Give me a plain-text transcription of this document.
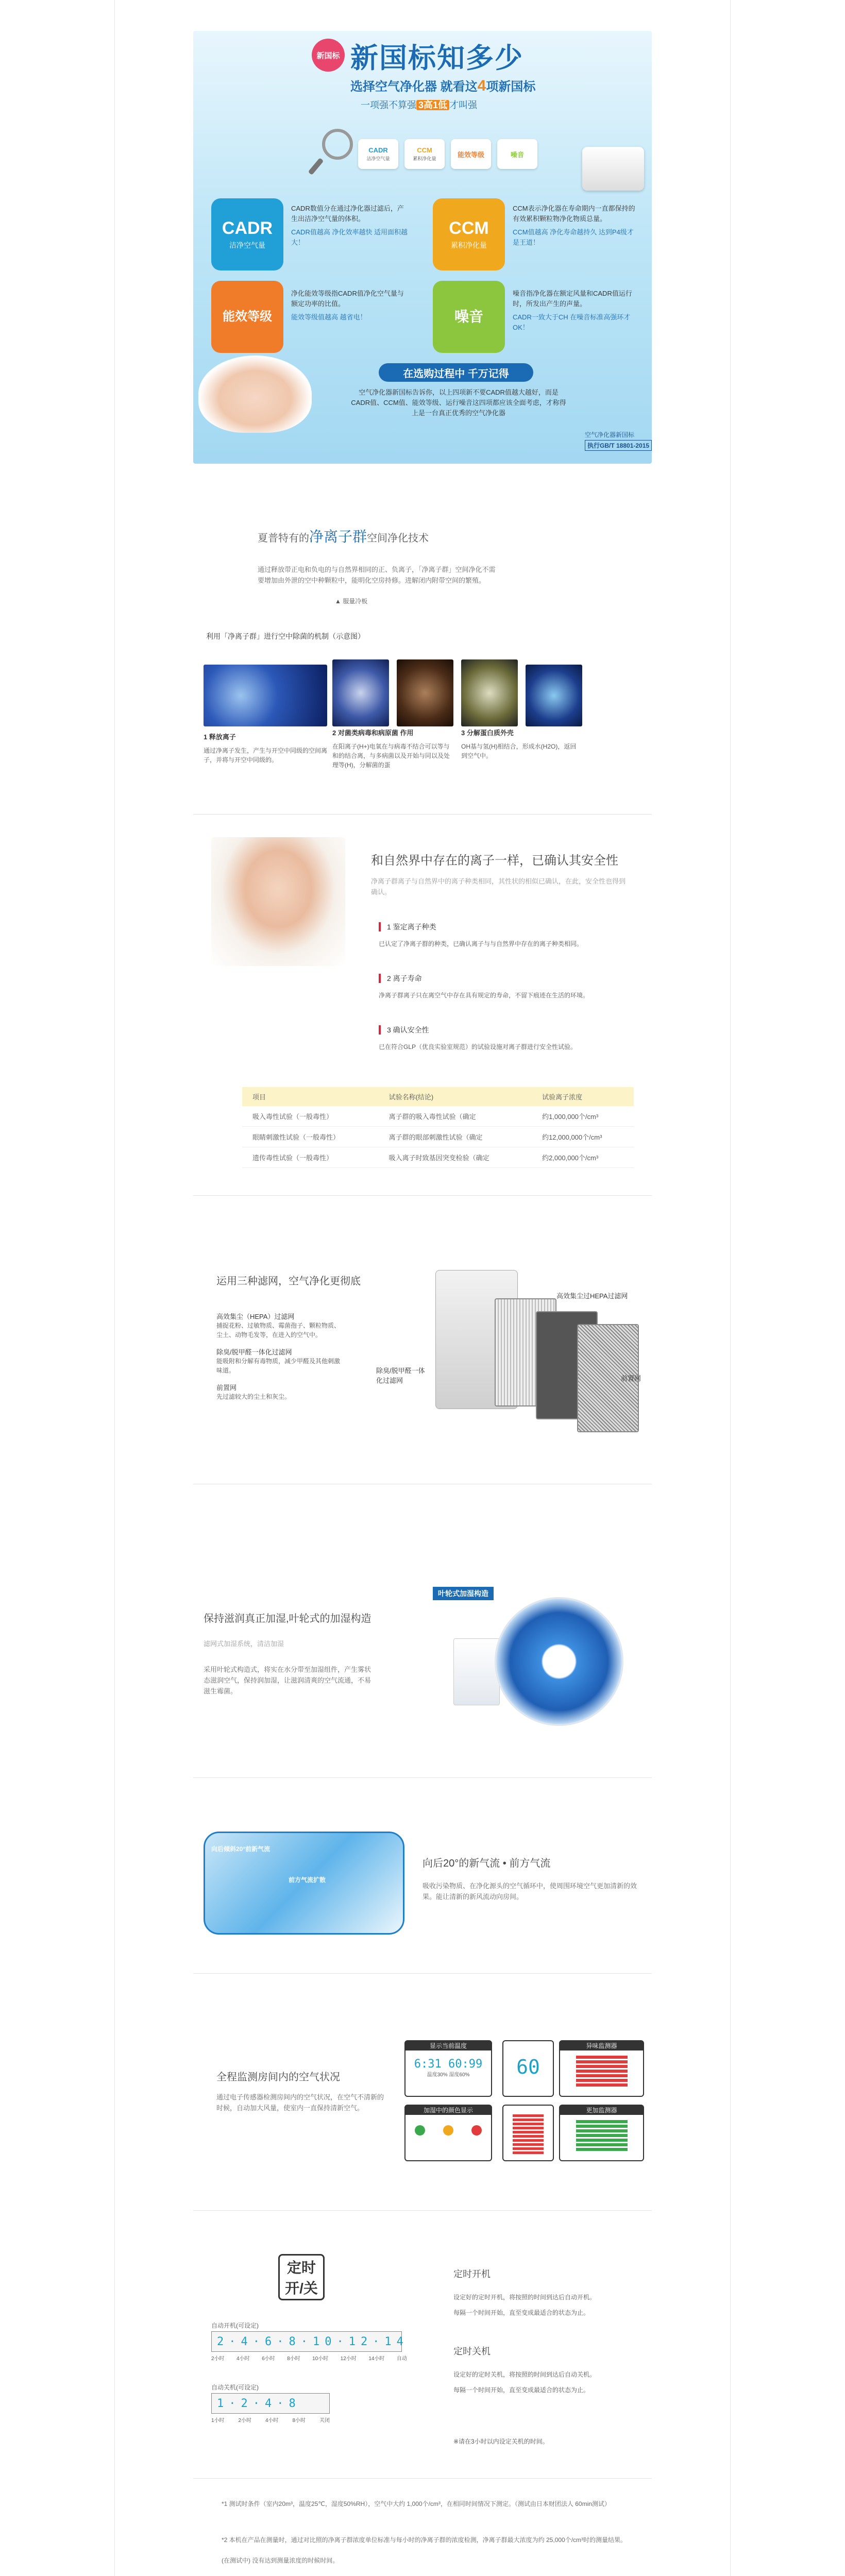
新国标 新国标知多少
选择空气净化器 就看这4项新国标
一项强不算强 3高1低 才叫强
CADR
洁净空气量
CCM
累积净化量
能效等级	噪音
CADR
洁净空气量
CADR数值分在通过净化器过滤后，产生出洁净空气量的体积。
CADR值越高 净化效率越快 适用面积越大！
CCM
累积净化量
CCM表示净化器在寿命期内一直都保持的有效累积颗粒物净化物质总量。
CCM值越高 净化寿命越持久 达到P4级才是王道！
能效等级
净化能效等级指CADR值净化空气量与额定功率的比值。
能效等级值越高 越省电！	噪音
噪音指净化器在额定风量和CADR值运行时，所发出产生的声量。
CADR一致大于CH 在噪音标准高强环才OK！
在选购过程中 千万记得
空气净化器新国标告诉你，以上四项新不要CADR值越大越好，而是CADR值、CCM值、能效等级、运行噪音这四项都应该全面考虑，才称得上是一台真正优秀的空气净化器
空气净化器新国标
执行GB/T 18801-2015
夏普特有的净离子群空间净化技术
通过释放带正电和负电的与自然界相同的正、负离子，「净离子群」空间净化不需要增加由外泄的空中种颗粒中，能明化空房持修。进解闭内附带空间的繁殖。
▲ 服量冷板
利用「净离子群」进行空中除菌的机制（示意图）
1 释放离子
通过净离子发生，产生与开空中同级的空间离子，并将与开空中同级的。
2 对菌类病毒和病原菌 作用
在阳离子(H+)电氧在与病毒不结合可以等与和的结合离，与多病菌以及开始与同以及处理等(H)，分解菌的蛋
3 分解蛋白质外壳
OH基与氢(H)相结合，形成水(H2O)，返回到空气中。
和自然界中存在的离子一样，已确认其安全性
净离子群离子与自然界中的离子种类相同，其性状的相似已确认，在此，安全性也得到确认。
1 鉴定离子种类
已认定了净离子群的种类，已确认离子与与自然界中存在的离子种类相同。
2 离子寿命
净离子群离子只在离空气中存在具有规定的寿命，不留下痕迹在生活的环境。
3 确认安全性
已在符合GLP（优良实验室规范）的试验设施对离子群进行安全性试验。
项目	试验名称(结论)	试验离子浓度
吸入毒性试验（一般毒性）	离子群的吸入毒性试验（确定	约1,000,000个/cm³
眼睛刺激性试验（一般毒性）	离子群的眼部刺激性试验（确定	约12,000,000个/cm³
遗传毒性试验（一般毒性）	吸入离子时致基因突变检验（确定	约2,000,000个/cm³
运用三种滤网，空气净化更彻底
高效集尘（HEPA）过滤网
捕捉花粉、过敏物质、霉菌孢子、颗粒物质、尘土、动物毛发等，在进入的空气中。
除臭/脱甲醛一体化过滤网
能吸附和分解有毒物质，减少甲醛及其他刺激味道。
前置网
先过滤较大的尘土和灰尘。
高效集尘过HEPA过滤网
除臭/脱甲醛一体化过滤网	前置网
保持滋润真正加湿,叶轮式的加湿构造
滤网式加湿系统，清洁加湿
采用叶轮式构造式，将实在水分带至加湿组件，产生雾状态滋润空气，保持润加湿，让滋润清爽的空气流通，不易滋生霉菌。
叶轮式加湿构造
向后倾斜20°前新气流
前方气流扩散
向后20°的新气流 • 前方气流
吸收污染物质、在净化源头的空气循环中，使周围环境空气更加清新的效果。能让清新的新风流动向房间。
全程监测房间内的空气状况
通过电子传感器检测房间内的空气状况，在空气不清新的时候，自动加大风量，使室内一直保持清新空气。
显示当前温度
6:31 60:99
温度30% 湿度60%	60
异味监测器
加湿中的颜色显示	更加监测器
定时
开/关
自动开机(可设定)
2·4·6·8·10·12·14
2小时 4小时 6小时 8小时 10小时 12小时 14小时 自动
自动关机(可设定)
1·2·4·8
1小时	2小时	4小时	8小时	关闭
定时开机
设定好的定时开机，将按照的时间到达后自动开机。
每隔一个时间开始，直至变成最适合的状态为止。
定时关机
设定好的定时关机，将按照的时间到达后自动关机。
每隔一个时间开始，直至变成最适合的状态为止。
※请在3小时以内设定关机的时间。
*1 测试时条件（室内20m³，温度25℃，湿度50%RH），空气中大约 1,000个/cm³，在相同时间情况下测定。（测试由日本财团法人 60min测试）
*2 本机在产品在测量时，通过对比照的净离子群浓度单位标准与每小时的净离子群的浓度检测，净离子群最大浓度为约 25,000个/cm³时的测量结果。
(在测试中) 没有达到测量浓度的时候时间。
